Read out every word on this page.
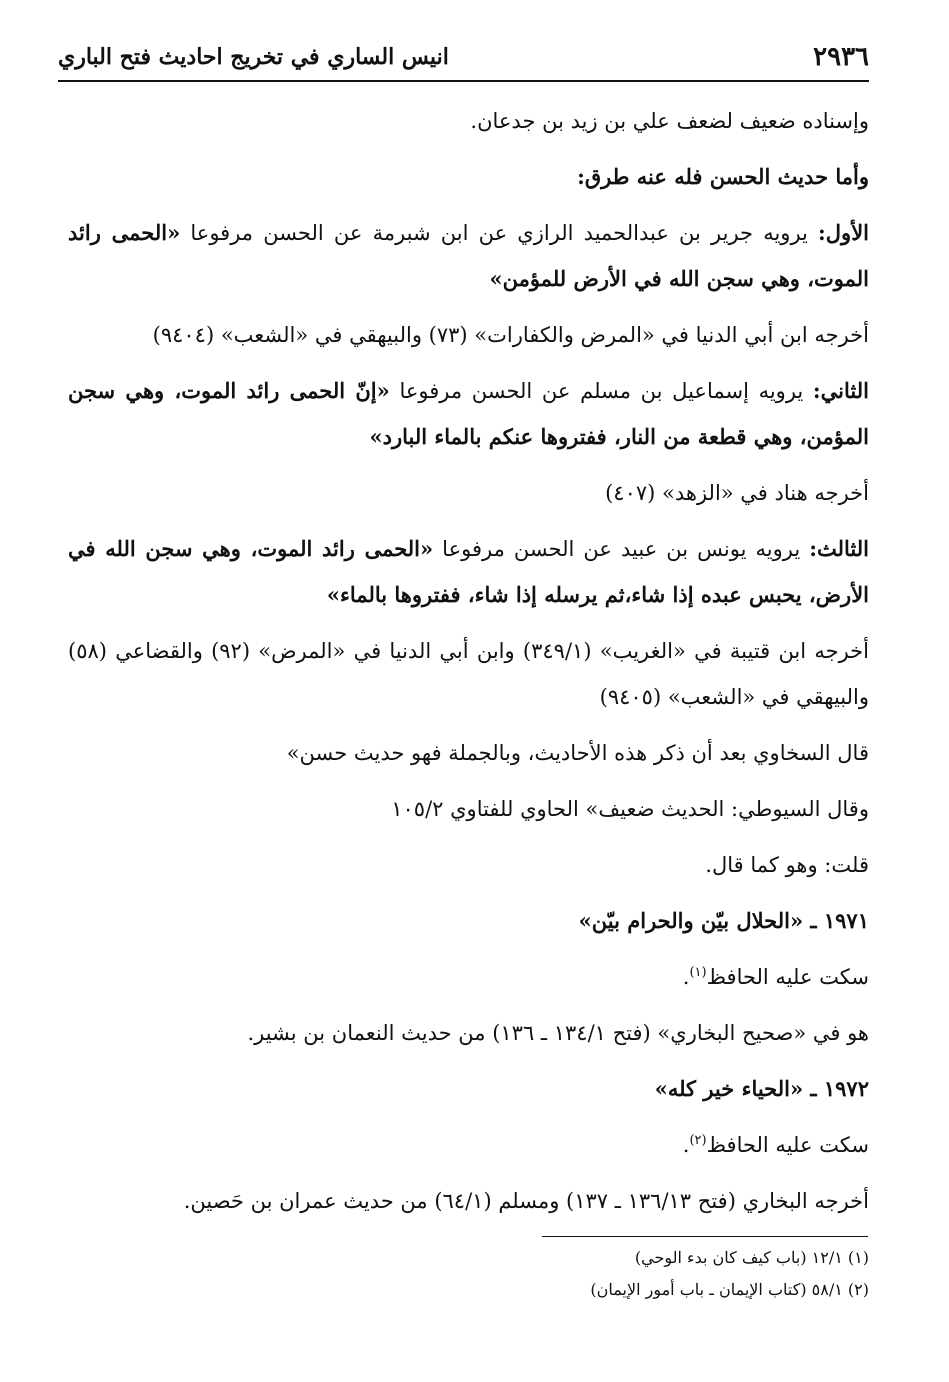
٢٩٣٦
انيس الساري في تخريج احاديث فتح الباري

وإسناده ضعيف لضعف علي بن زيد بن جدعان.

وأما حديث الحسن فله عنه طرق:

الأول: يرويه جرير بن عبدالحميد الرازي عن ابن شبرمة عن الحسن مرفوعا «الحمى رائد الموت، وهي سجن الله في الأرض للمؤمن»

أخرجه ابن أبي الدنيا في «المرض والكفارات» (٧٣) والبيهقي في «الشعب» (٩٤٠٤)

الثاني: يرويه إسماعيل بن مسلم عن الحسن مرفوعا «إنّ الحمى رائد الموت، وهي سجن المؤمن، وهي قطعة من النار، ففتروها عنكم بالماء البارد»

أخرجه هناد في «الزهد» (٤٠٧)

الثالث: يرويه يونس بن عبيد عن الحسن مرفوعا «الحمى رائد الموت، وهي سجن الله في الأرض، يحبس عبده إذا شاء،ثم يرسله إذا شاء، ففتروها بالماء»

أخرجه ابن قتيبة في «الغريب» (٣٤٩/١) وابن أبي الدنيا في «المرض» (٩٢) والقضاعي (٥٨) والبيهقي في «الشعب» (٩٤٠٥)

قال السخاوي بعد أن ذكر هذه الأحاديث، وبالجملة فهو حديث حسن»

وقال السيوطي: الحديث ضعيف» الحاوي للفتاوي ١٠٥/٢

قلت: وهو كما قال.

١٩٧١ ـ «الحلال بيّن والحرام بيّن»

سكت عليه الحافظ$^{(١)}$.

هو في «صحيح البخاري» (فتح ١٣٤/١ ـ ١٣٦) من حديث النعمان بن بشير.

١٩٧٢ ـ «الحياء خير كله»

سكت عليه الحافظ$^{(٢)}$.

أخرجه البخاري (فتح ١٣٦/١٣ ـ ١٣٧) ومسلم (٦٤/١) من حديث عمران بن حَصين.

(١) ١٢/١ (باب كيف كان بدء الوحي)
(٢) ٥٨/١ (كتاب الإيمان ـ باب أمور الإيمان)
